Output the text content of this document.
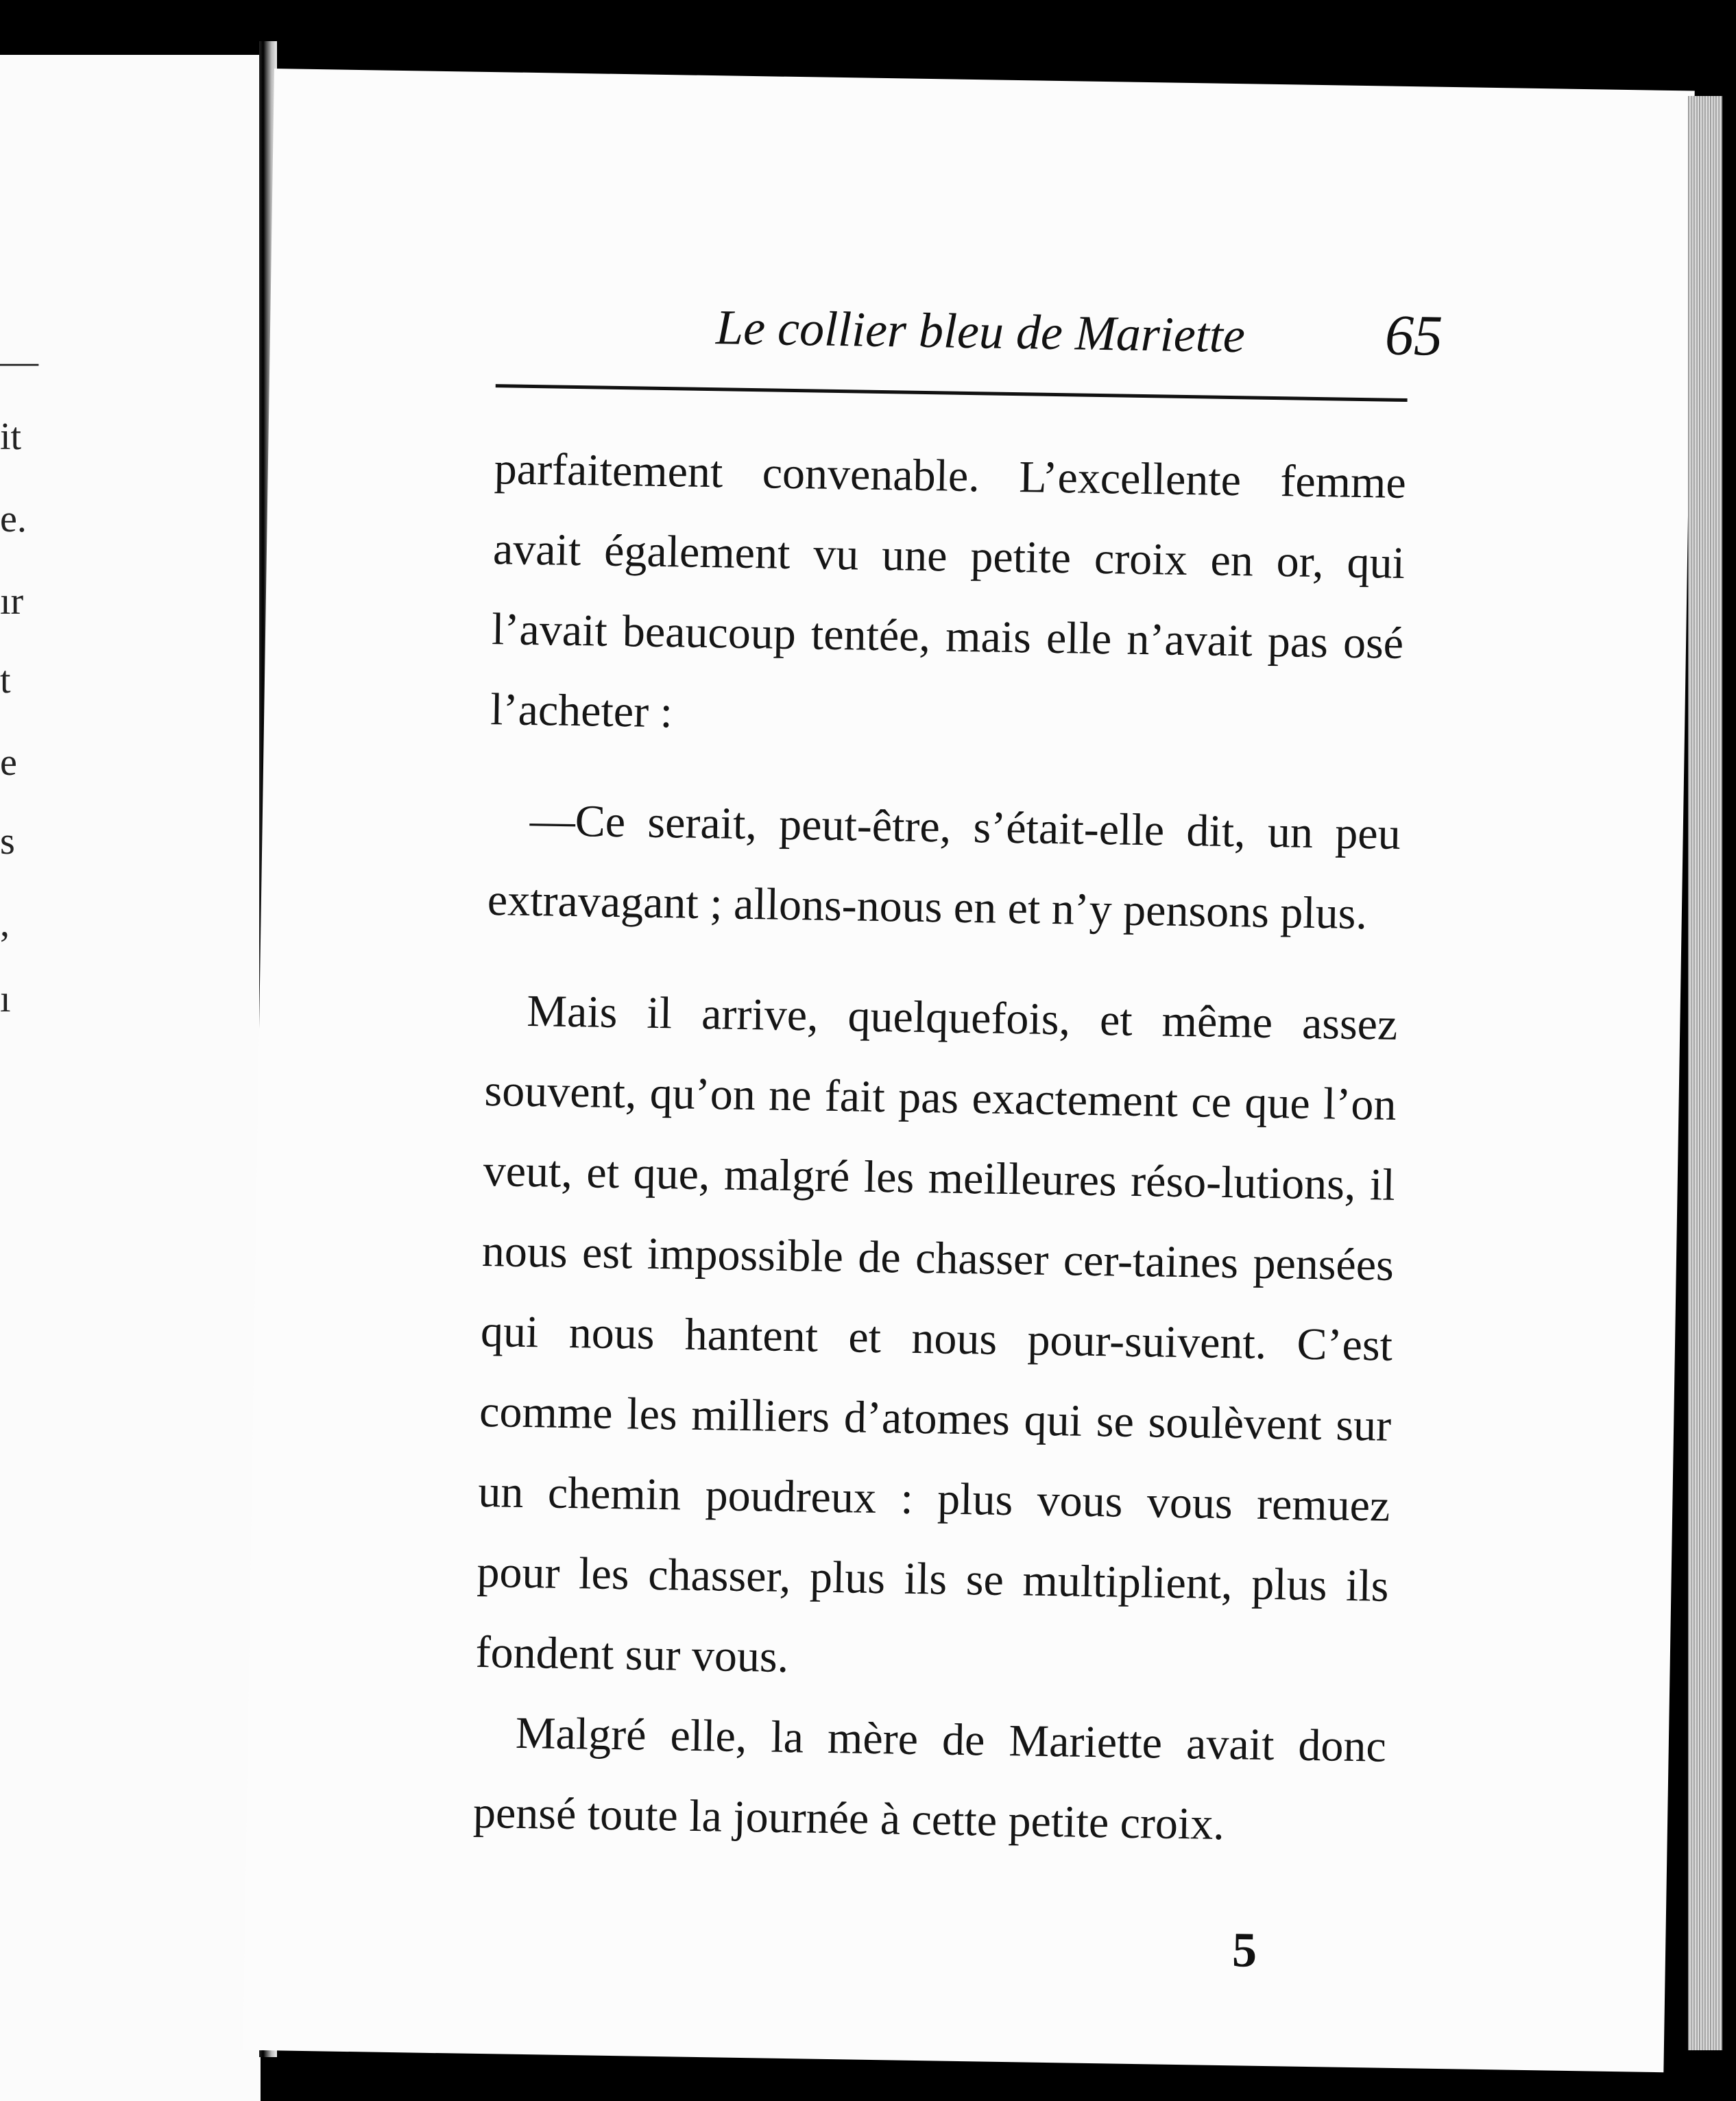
—
it
e.
ır
t
e
s
,
ı
Le collier bleu de Mariette 65

parfaitement convenable. L’excellente femme avait également vu une petite croix en or, qui l’avait beaucoup tentée, mais elle n’avait pas osé l’acheter :

—Ce serait, peut-être, s’était-elle dit, un peu extravagant ; allons-nous en et n’y pensons plus.

Mais il arrive, quelquefois, et même assez souvent, qu’on ne fait pas exactement ce que l’on veut, et que, malgré les meilleures réso-lutions, il nous est impossible de chasser cer-taines pensées qui nous hantent et nous pour-suivent. C’est comme les milliers d’atomes qui se soulèvent sur un chemin poudreux : plus vous vous remuez pour les chasser, plus ils se multiplient, plus ils fondent sur vous.

Malgré elle, la mère de Mariette avait donc pensé toute la journée à cette petite croix.

5
